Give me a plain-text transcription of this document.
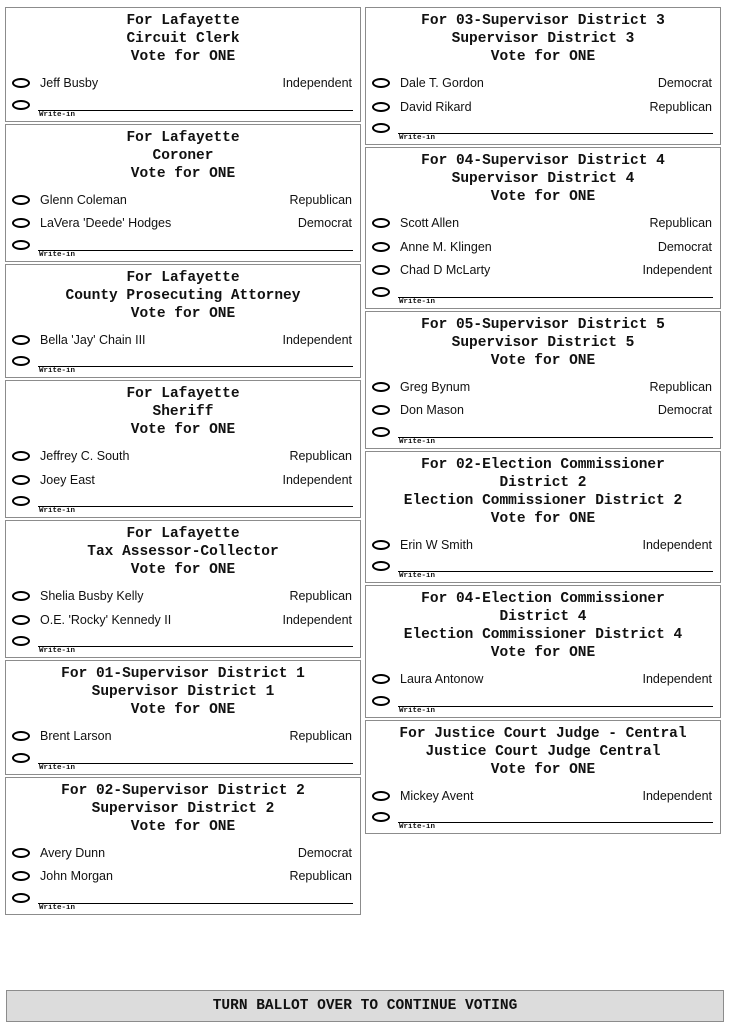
For Lafayette
Circuit Clerk
Vote for ONE
Jeff Busby	Independent
Write-in
For Lafayette
Coroner
Vote for ONE
Glenn Coleman	Republican
LaVera 'Deede' Hodges	Democrat
Write-in
For Lafayette
County Prosecuting Attorney
Vote for ONE
Bella 'Jay' Chain III	Independent
Write-in
For Lafayette
Sheriff
Vote for ONE
Jeffrey C. South	Republican
Joey East	Independent
Write-in
For Lafayette
Tax Assessor-Collector
Vote for ONE
Shelia Busby Kelly	Republican
O.E. 'Rocky' Kennedy II	Independent
Write-in
For 01-Supervisor District 1
Supervisor District 1
Vote for ONE
Brent Larson	Republican
Write-in
For 02-Supervisor District 2
Supervisor District 2
Vote for ONE
Avery Dunn	Democrat
John Morgan	Republican
Write-in
For 03-Supervisor District 3
Supervisor District 3
Vote for ONE
Dale T. Gordon	Democrat
David Rikard	Republican
Write-in
For 04-Supervisor District 4
Supervisor District 4
Vote for ONE
Scott Allen	Republican
Anne M. Klingen	Democrat
Chad D McLarty	Independent
Write-in
For 05-Supervisor District 5
Supervisor District 5
Vote for ONE
Greg Bynum	Republican
Don Mason	Democrat
Write-in
For 02-Election Commissioner
District 2
Election Commissioner District 2
Vote for ONE
Erin W Smith	Independent
Write-in
For 04-Election Commissioner
District 4
Election Commissioner District 4
Vote for ONE
Laura Antonow	Independent
Write-in
For Justice Court Judge - Central
Justice Court Judge Central
Vote for ONE
Mickey Avent	Independent
Write-in
TURN BALLOT OVER TO CONTINUE VOTING
